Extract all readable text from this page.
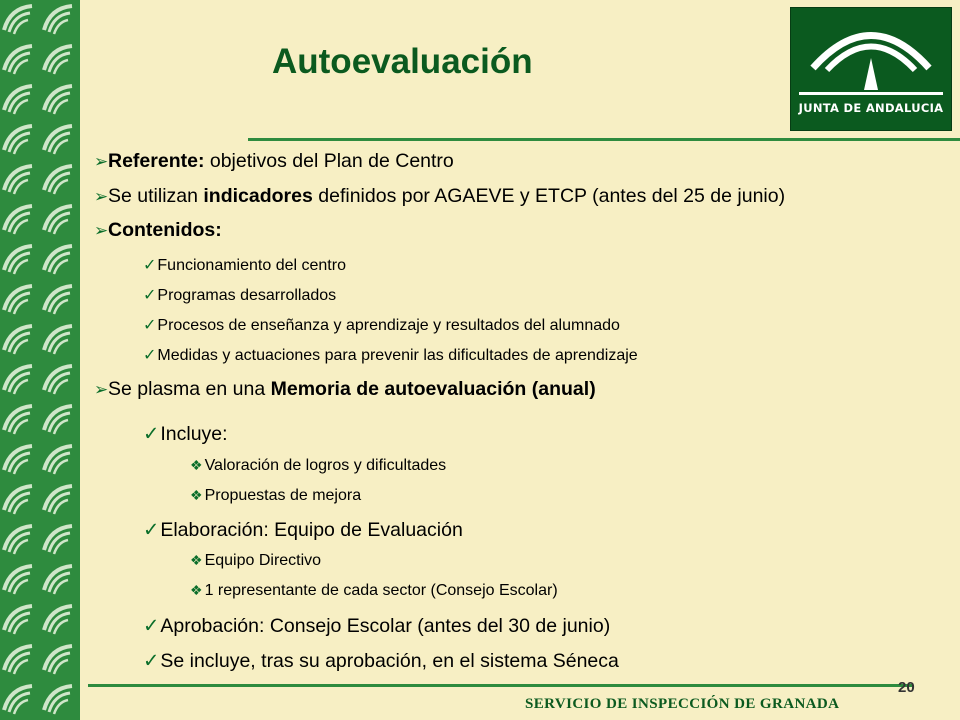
JUNTA DE ANDALUCIA
Autoevaluación
➢Referente: objetivos del Plan de Centro
➢Se utilizan indicadores definidos por AGAEVE y ETCP (antes del 25 de junio)
➢Contenidos:
✓Funcionamiento del centro
✓Programas desarrollados
✓Procesos de enseñanza y aprendizaje y resultados del alumnado
✓Medidas y actuaciones para prevenir las dificultades de aprendizaje
➢Se plasma en una Memoria de autoevaluación (anual)
✓Incluye:
❖ Valoración de logros y dificultades
❖ Propuestas de mejora
✓Elaboración: Equipo de Evaluación
❖ Equipo Directivo
❖ 1 representante de cada sector (Consejo Escolar)
✓Aprobación: Consejo Escolar (antes del 30 de junio)
✓Se incluye, tras su aprobación, en el sistema Séneca
20
SERVICIO DE INSPECCIÓN DE GRANADA
